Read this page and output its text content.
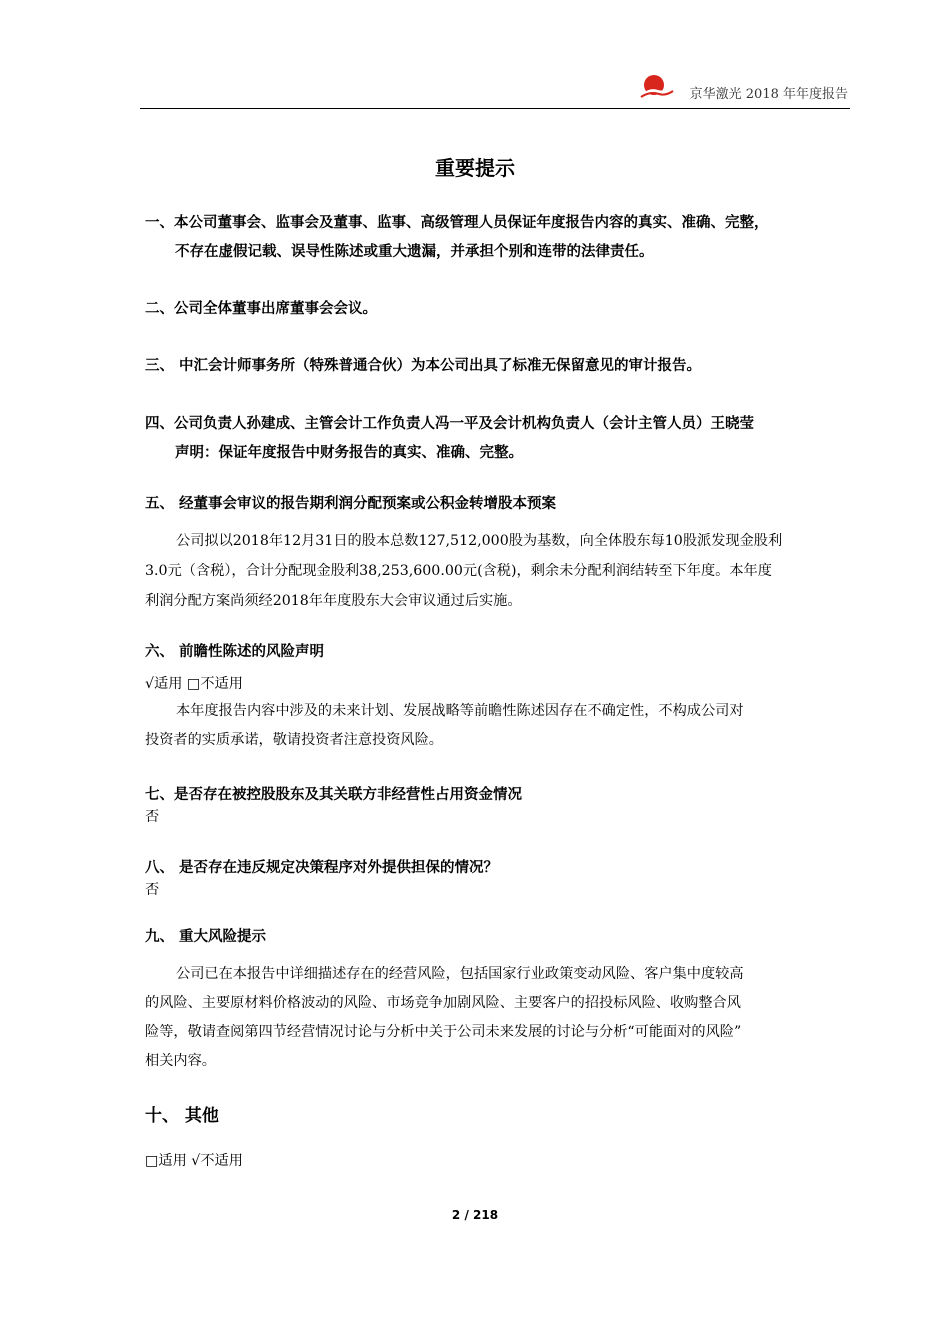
京华激光 2018 年年度报告
重要提示
一、本公司董事会、监事会及董事、监事、高级管理人员保证年度报告内容的真实、准确、完整，
不存在虚假记载、误导性陈述或重大遗漏，并承担个别和连带的法律责任。
二、公司全体董事出席董事会会议。
三、 中汇会计师事务所（特殊普通合伙）为本公司出具了标准无保留意见的审计报告。
四、公司负责人孙建成、主管会计工作负责人冯一平及会计机构负责人（会计主管人员）王晓莹
声明：保证年度报告中财务报告的真实、准确、完整。
五、 经董事会审议的报告期利润分配预案或公积金转增股本预案
公司拟以2018年12月31日的股本总数127,512,000股为基数，向全体股东每10股派发现金股利
3.0元（含税），合计分配现金股利38,253,600.00元(含税)，剩余未分配利润结转至下年度。本年度
利润分配方案尚须经2018年年度股东大会审议通过后实施。
六、 前瞻性陈述的风险声明
√适用 □不适用
本年度报告内容中涉及的未来计划、发展战略等前瞻性陈述因存在不确定性，不构成公司对
投资者的实质承诺，敬请投资者注意投资风险。
七、是否存在被控股股东及其关联方非经营性占用资金情况
否
八、 是否存在违反规定决策程序对外提供担保的情况？
否
九、 重大风险提示
公司已在本报告中详细描述存在的经营风险，包括国家行业政策变动风险、客户集中度较高
的风险、主要原材料价格波动的风险、市场竞争加剧风险、主要客户的招投标风险、收购整合风
险等，敬请查阅第四节经营情况讨论与分析中关于公司未来发展的讨论与分析“可能面对的风险”
相关内容。
十、 其他
□适用 √不适用
2 / 218
